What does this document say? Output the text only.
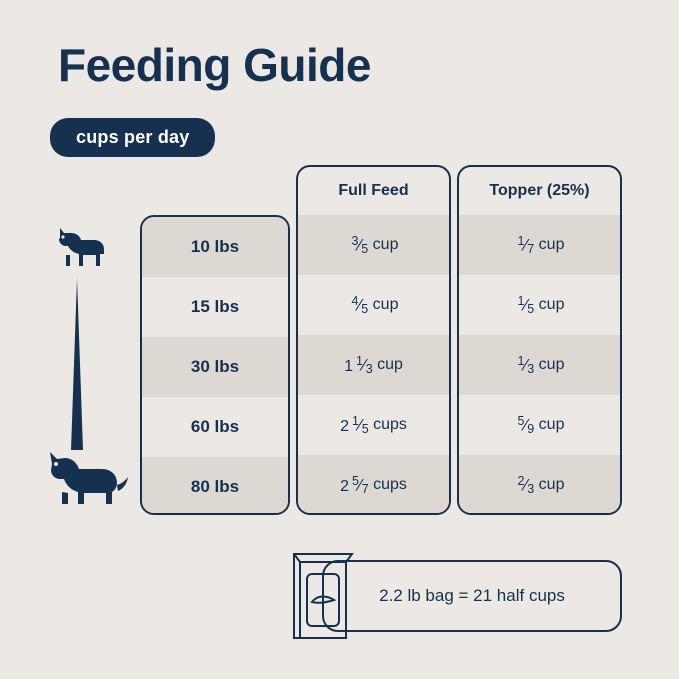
Feeding Guide
cups per day
10 lbs
15 lbs
30 lbs
60 lbs
80 lbs
Full Feed
$^3⁄_5$
cup
$^4⁄_5$
cup
1 $^1⁄_3$
cup
2 $^1⁄_5$
cups
2 $^5⁄_7$
cups
Topper (25%)
$^1⁄_7$
cup
$^1⁄_5$
cup
$^1⁄_3$
cup
$^5⁄_9$
cup
$^2⁄_3$
cup
2.2 lb bag = 21 half cups
